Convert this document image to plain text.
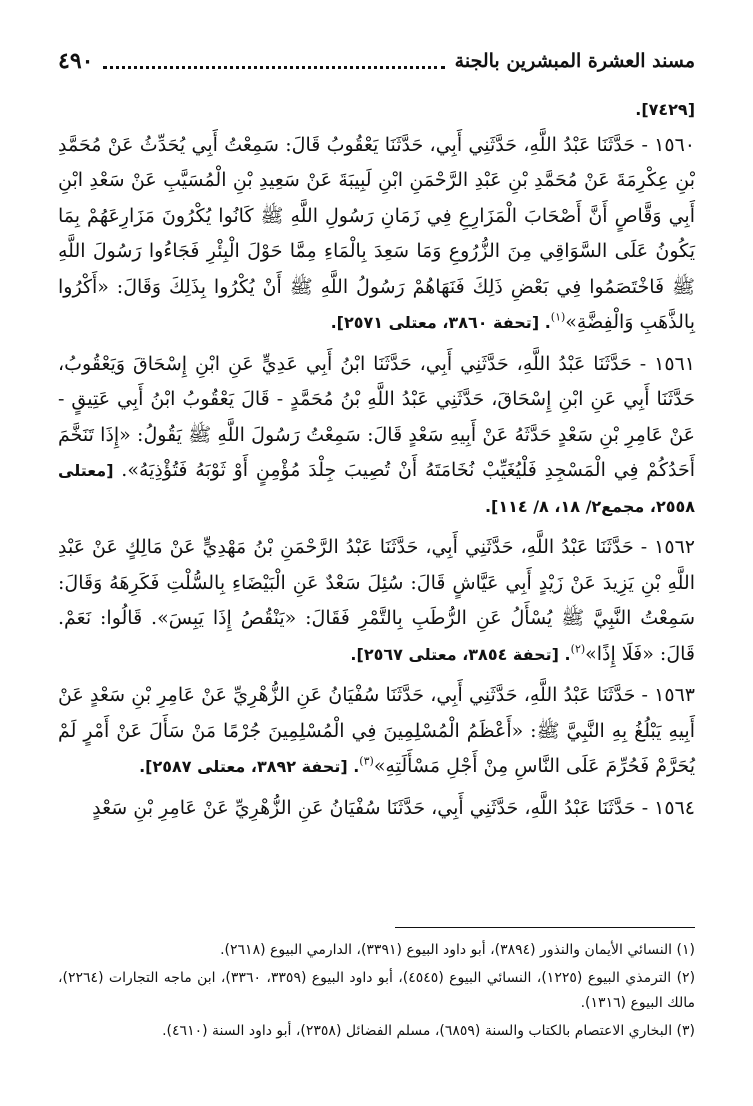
مسند العشرة المبشرين بالجنة
٤٩٠

[٧٤٢٩].

١٥٦٠ - حَدَّثَنَا عَبْدُ اللَّهِ، حَدَّثَنِي أَبِي، حَدَّثَنَا يَعْقُوبُ قَالَ: سَمِعْتُ أَبِي يُحَدِّثُ عَنْ مُحَمَّدِ بْنِ عِكْرِمَةَ عَنْ مُحَمَّدِ بْنِ عَبْدِ الرَّحْمَنِ ابْنِ لَبِيبَةَ عَنْ سَعِيدِ بْنِ الْمُسَيَّبِ عَنْ سَعْدِ ابْنِ أَبِي وَقَّاصٍ أَنَّ أَصْحَابَ الْمَزَارِعِ فِي زَمَانِ رَسُولِ اللَّهِ ﷺ كَانُوا يُكْرُونَ مَزَارِعَهُمْ بِمَا يَكُونُ عَلَى السَّوَاقِي مِنَ الزُّرُوعِ وَمَا سَعِدَ بِالْمَاءِ مِمَّا حَوْلَ الْبِئْرِ فَجَاءُوا رَسُولَ اللَّهِ ﷺ فَاخْتَصَمُوا فِي بَعْضِ ذَلِكَ فَنَهَاهُمْ رَسُولُ اللَّهِ ﷺ أَنْ يُكْرُوا بِذَلِكَ وَقَالَ: «أَكْرُوا بِالذَّهَبِ وَالْفِضَّةِ»$^{(١)}$. [تحفة ٣٨٦٠، معتلى ٢٥٧١].

١٥٦١ - حَدَّثَنَا عَبْدُ اللَّهِ، حَدَّثَنِي أَبِي، حَدَّثَنَا ابْنُ أَبِي عَدِيٍّ عَنِ ابْنِ إِسْحَاقَ وَيَعْقُوبُ، حَدَّثَنَا أَبِي عَنِ ابْنِ إِسْحَاقَ، حَدَّثَنِي عَبْدُ اللَّهِ بْنُ مُحَمَّدٍ - قَالَ يَعْقُوبُ ابْنُ أَبِي عَتِيقٍ - عَنْ عَامِرِ بْنِ سَعْدٍ حَدَّثَهُ عَنْ أَبِيهِ سَعْدٍ قَالَ: سَمِعْتُ رَسُولَ اللَّهِ ﷺ يَقُولُ: «إِذَا تَنَخَّمَ أَحَدُكُمْ فِي الْمَسْجِدِ فَلْيُغَيِّبْ نُخَامَتَهُ أَنْ تُصِيبَ جِلْدَ مُؤْمِنٍ أَوْ ثَوْبَهُ فَتُؤْذِيَهُ». [معتلى ٢٥٥٨، مجمع٢/ ١٨، ٨/ ١١٤].

١٥٦٢ - حَدَّثَنَا عَبْدُ اللَّهِ، حَدَّثَنِي أَبِي، حَدَّثَنَا عَبْدُ الرَّحْمَنِ بْنُ مَهْدِيٍّ عَنْ مَالِكٍ عَنْ عَبْدِ اللَّهِ بْنِ يَزِيدَ عَنْ زَيْدٍ أَبِي عَيَّاشٍ قَالَ: سُئِلَ سَعْدٌ عَنِ الْبَيْضَاءِ بِالسُّلْتِ فَكَرِهَهُ وَقَالَ: سَمِعْتُ النَّبِيَّ ﷺ يُسْأَلُ عَنِ الرُّطَبِ بِالتَّمْرِ فَقَالَ: «يَنْقُصُ إِذَا يَبِسَ». قَالُوا: نَعَمْ. قَالَ: «فَلَا إِذًا»$^{(٢)}$. [تحفة ٣٨٥٤، معتلى ٢٥٦٧].

١٥٦٣ - حَدَّثَنَا عَبْدُ اللَّهِ، حَدَّثَنِي أَبِي، حَدَّثَنَا سُفْيَانُ عَنِ الزُّهْرِيِّ عَنْ عَامِرِ بْنِ سَعْدٍ عَنْ أَبِيهِ يَبْلُغُ بِهِ النَّبِيَّ ﷺ: «أَعْظَمُ الْمُسْلِمِينَ فِي الْمُسْلِمِينَ جُرْمًا مَنْ سَأَلَ عَنْ أَمْرٍ لَمْ يُحَرَّمْ فَحُرِّمَ عَلَى النَّاسِ مِنْ أَجْلِ مَسْأَلَتِهِ»$^{(٣)}$. [تحفة ٣٨٩٢، معتلى ٢٥٨٧].

١٥٦٤ - حَدَّثَنَا عَبْدُ اللَّهِ، حَدَّثَنِي أَبِي، حَدَّثَنَا سُفْيَانُ عَنِ الزُّهْرِيِّ عَنْ عَامِرِ بْنِ سَعْدٍ

(١) النسائي الأيمان والنذور (٣٨٩٤)، أبو داود البيوع (٣٣٩١)، الدارمي البيوع (٢٦١٨).

(٢) الترمذي البيوع (١٢٢٥)، النسائي البيوع (٤٥٤٥)، أبو داود البيوع (٣٣٥٩، ٣٣٦٠)، ابن ماجه التجارات (٢٢٦٤)، مالك البيوع (١٣١٦).

(٣) البخاري الاعتصام بالكتاب والسنة (٦٨٥٩)، مسلم الفضائل (٢٣٥٨)، أبو داود السنة (٤٦١٠).
